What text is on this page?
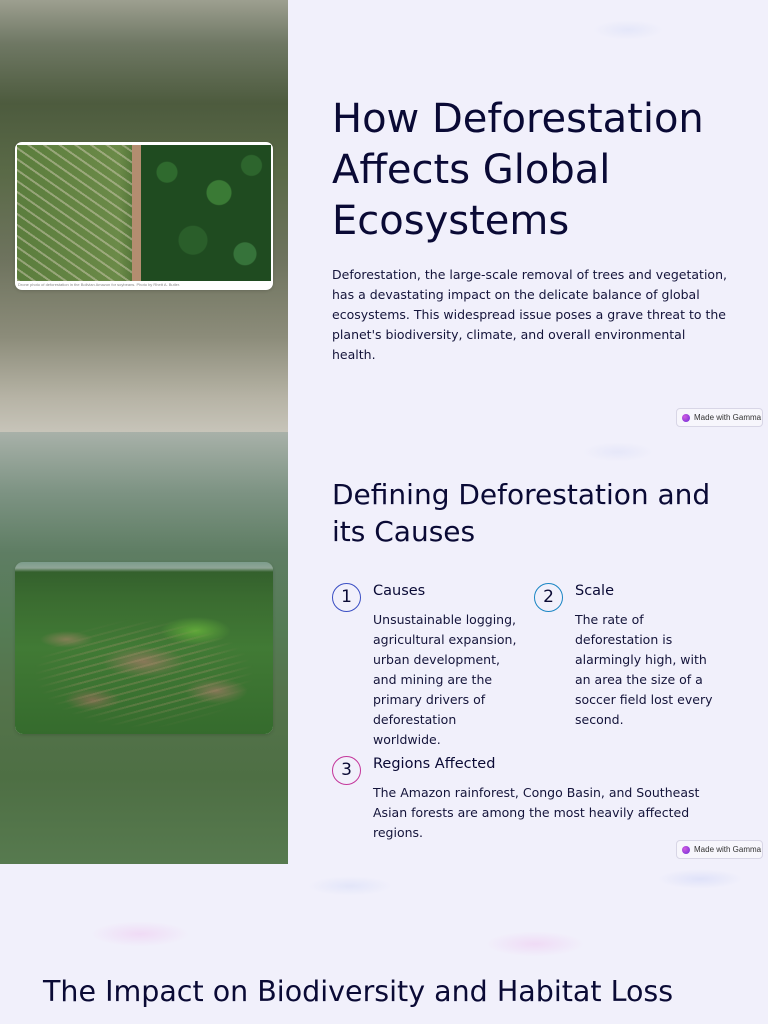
Drone photo of deforestation in the Bolivian Amazon for soybeans. Photo by Rhett A. Butler.
How Deforestation Affects Global Ecosystems

Deforestation, the large-scale removal of trees and vegetation, has a devastating impact on the delicate balance of global ecosystems. This widespread issue poses a grave threat to the planet's biodiversity, climate, and overall environmental health.

Made with Gamma
Defining Deforestation and its Causes
1	Causes
Unsustainable logging, agricultural expansion, urban development, and mining are the primary drivers of deforestation worldwide.
2	Scale
The rate of deforestation is alarmingly high, with an area the size of a soccer field lost every second.
3	Regions Affected
The Amazon rainforest, Congo Basin, and Southeast Asian forests are among the most heavily affected regions.
Made with Gamma
The Impact on Biodiversity and Habitat Loss
